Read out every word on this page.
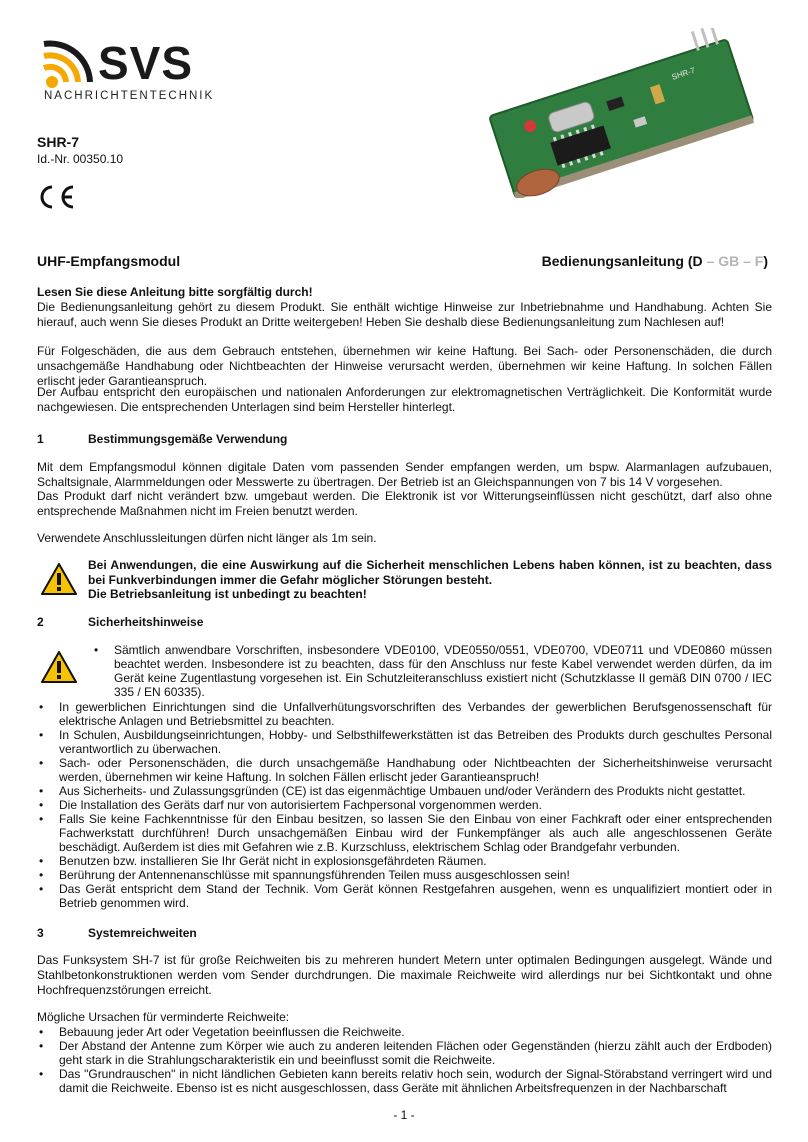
SVS
NACHRICHTENTECHNIK
SHR-7
SHR-7
Id.-Nr. 00350.10
CE
UHF-Empfangsmodul	Bedienungsanleitung (D – GB – F)
Lesen Sie diese Anleitung bitte sorgfältig durch!
Die Bedienungsanleitung gehört zu diesem Produkt. Sie enthält wichtige Hinweise zur Inbetriebnahme und Handhabung. Achten Sie hierauf, auch wenn Sie dieses Produkt an Dritte weitergeben! Heben Sie deshalb diese Bedienungsanleitung zum Nachlesen auf!
Für Folgeschäden, die aus dem Gebrauch entstehen, übernehmen wir keine Haftung. Bei Sach- oder Personenschäden, die durch unsachgemäße Handhabung oder Nichtbeachten der Hinweise verursacht werden, übernehmen wir keine Haftung. In solchen Fällen erlischt jeder Garantieanspruch.
Der Aufbau entspricht den europäischen und nationalen Anforderungen zur elektromagnetischen Verträglichkeit. Die Konformität wurde nachgewiesen. Die entsprechenden Unterlagen sind beim Hersteller hinterlegt.
1	Bestimmungsgemäße Verwendung
Mit dem Empfangsmodul können digitale Daten vom passenden Sender empfangen werden, um bspw. Alarmanlagen aufzubauen, Schaltsignale, Alarmmeldungen oder Messwerte zu übertragen. Der Betrieb ist an Gleichspannungen von 7 bis 14 V vorgesehen.
Das Produkt darf nicht verändert bzw. umgebaut werden. Die Elektronik ist vor Witterungseinflüssen nicht geschützt, darf also ohne entsprechende Maßnahmen nicht im Freien benutzt werden.
Verwendete Anschlussleitungen dürfen nicht länger als 1m sein.
Bei Anwendungen, die eine Auswirkung auf die Sicherheit menschlichen Lebens haben können, ist zu beachten, dass bei Funkverbindungen immer die Gefahr möglicher Störungen besteht.
Die Betriebsanleitung ist unbedingt zu beachten!
2	Sicherheitshinweise
• Sämtlich anwendbare Vorschriften, insbesondere VDE0100, VDE0550/0551, VDE0700, VDE0711 und VDE0860 müssen beachtet werden. Insbesondere ist zu beachten, dass für den Anschluss nur feste Kabel verwendet werden dürfen, da im Gerät keine Zugentlastung vorgesehen ist. Ein Schutzleiteranschluss existiert nicht (Schutzklasse II gemäß DIN 0700 / IEC 335 / EN 60335).
• In gewerblichen Einrichtungen sind die Unfallverhütungsvorschriften des Verbandes der gewerblichen Berufsgenossenschaft für elektrische Anlagen und Betriebsmittel zu beachten.
• In Schulen, Ausbildungseinrichtungen, Hobby- und Selbsthilfewerkstätten ist das Betreiben des Produkts durch geschultes Personal verantwortlich zu überwachen.
• Sach- oder Personenschäden, die durch unsachgemäße Handhabung oder Nichtbeachten der Sicherheitshinweise verursacht werden, übernehmen wir keine Haftung. In solchen Fällen erlischt jeder Garantieanspruch!
• Aus Sicherheits- und Zulassungsgründen (CE) ist das eigenmächtige Umbauen und/oder Verändern des Produkts nicht gestattet.
• Die Installation des Geräts darf nur von autorisiertem Fachpersonal vorgenommen werden.
• Falls Sie keine Fachkenntnisse für den Einbau besitzen, so lassen Sie den Einbau von einer Fachkraft oder einer entsprechenden Fachwerkstatt durchführen! Durch unsachgemäßen Einbau wird der Funkempfänger als auch alle angeschlossenen Geräte beschädigt. Außerdem ist dies mit Gefahren wie z.B. Kurzschluss, elektrischem Schlag oder Brandgefahr verbunden.
• Benutzen bzw. installieren Sie Ihr Gerät nicht in explosionsgefährdeten Räumen.
• Berührung der Antennenanschlüsse mit spannungsführenden Teilen muss ausgeschlossen sein!
• Das Gerät entspricht dem Stand der Technik. Vom Gerät können Restgefahren ausgehen, wenn es unqualifiziert montiert oder in Betrieb genommen wird.
3	Systemreichweiten
Das Funksystem SH-7 ist für große Reichweiten bis zu mehreren hundert Metern unter optimalen Bedingungen ausgelegt. Wände und Stahlbetonkonstruktionen werden vom Sender durchdrungen. Die maximale Reichweite wird allerdings nur bei Sichtkontakt und ohne Hochfrequenzstörungen erreicht.
Mögliche Ursachen für verminderte Reichweite:
• Bebauung jeder Art oder Vegetation beeinflussen die Reichweite.
• Der Abstand der Antenne zum Körper wie auch zu anderen leitenden Flächen oder Gegenständen (hierzu zählt auch der Erdboden) geht stark in die Strahlungscharakteristik ein und beeinflusst somit die Reichweite.
• Das "Grundrauschen" in nicht ländlichen Gebieten kann bereits relativ hoch sein, wodurch der Signal-Störabstand verringert wird und damit die Reichweite. Ebenso ist es nicht ausgeschlossen, dass Geräte mit ähnlichen Arbeitsfrequenzen in der Nachbarschaft
- 1 -
